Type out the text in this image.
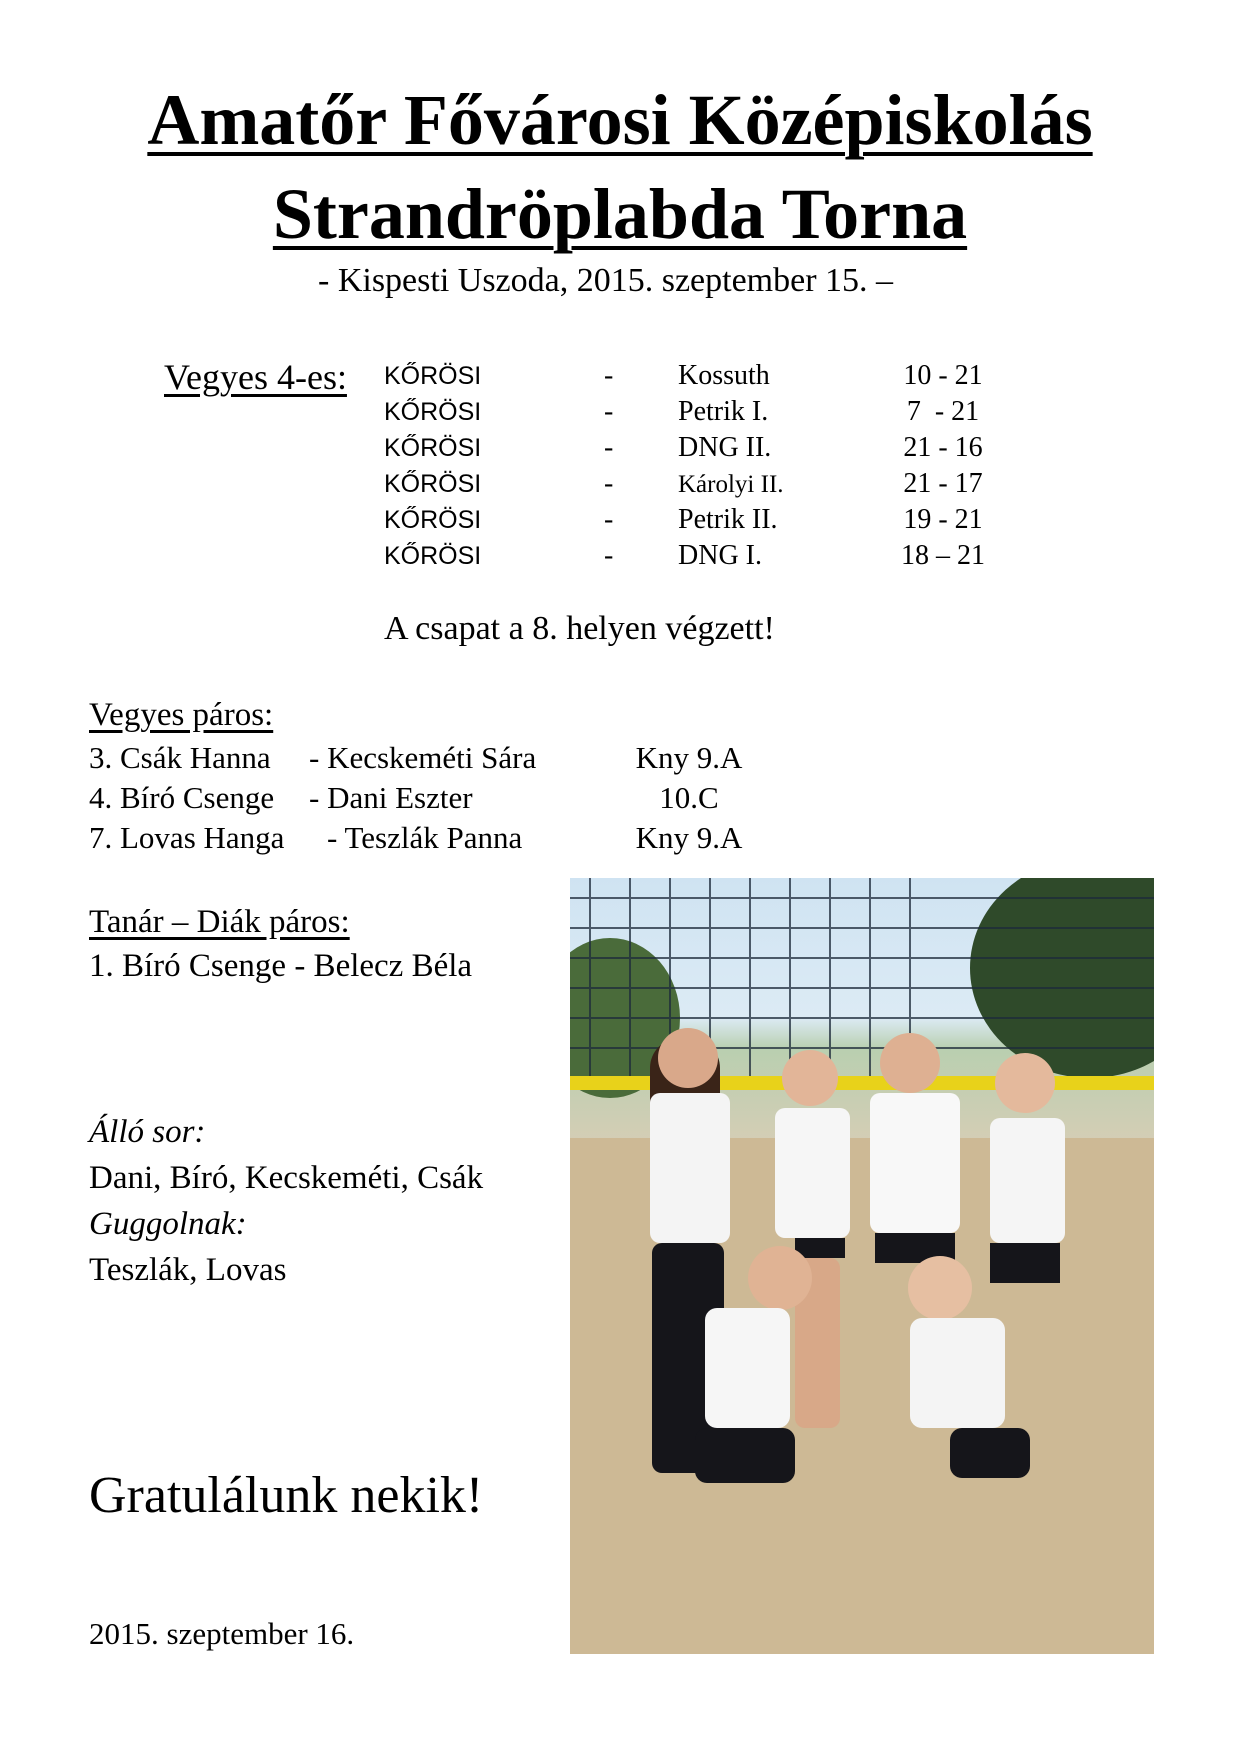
Amatőr Fővárosi Középiskolás
Strandröplabda Torna
- Kispesti Uszoda, 2015. szeptember 15. –
Vegyes 4-es: KŐRÖSI	- Kossuth	10 - 21
KŐRÖSI	- Petrik I.	7  - 21
KŐRÖSI	- DNG II.	21 - 16
KŐRÖSI	-	Károlyi II.	21 - 17
KŐRÖSI	- Petrik II.	19 - 21
KŐRÖSI	- DNG I.	18 – 21
A csapat a 8. helyen végzett!
Vegyes páros:
3. Csák Hanna - Kecskeméti Sára	Kny 9.A
4. Bíró Csenge - Dani Eszter	10.C
7. Lovas Hanga - Teszlák Panna	Kny 9.A
Tanár – Diák páros:
1. Bíró Csenge - Belecz Béla
Álló sor:
Dani, Bíró, Kecskeméti, Csák
Guggolnak:
Teszlák, Lovas
Gratulálunk nekik!
2015. szeptember 16.
